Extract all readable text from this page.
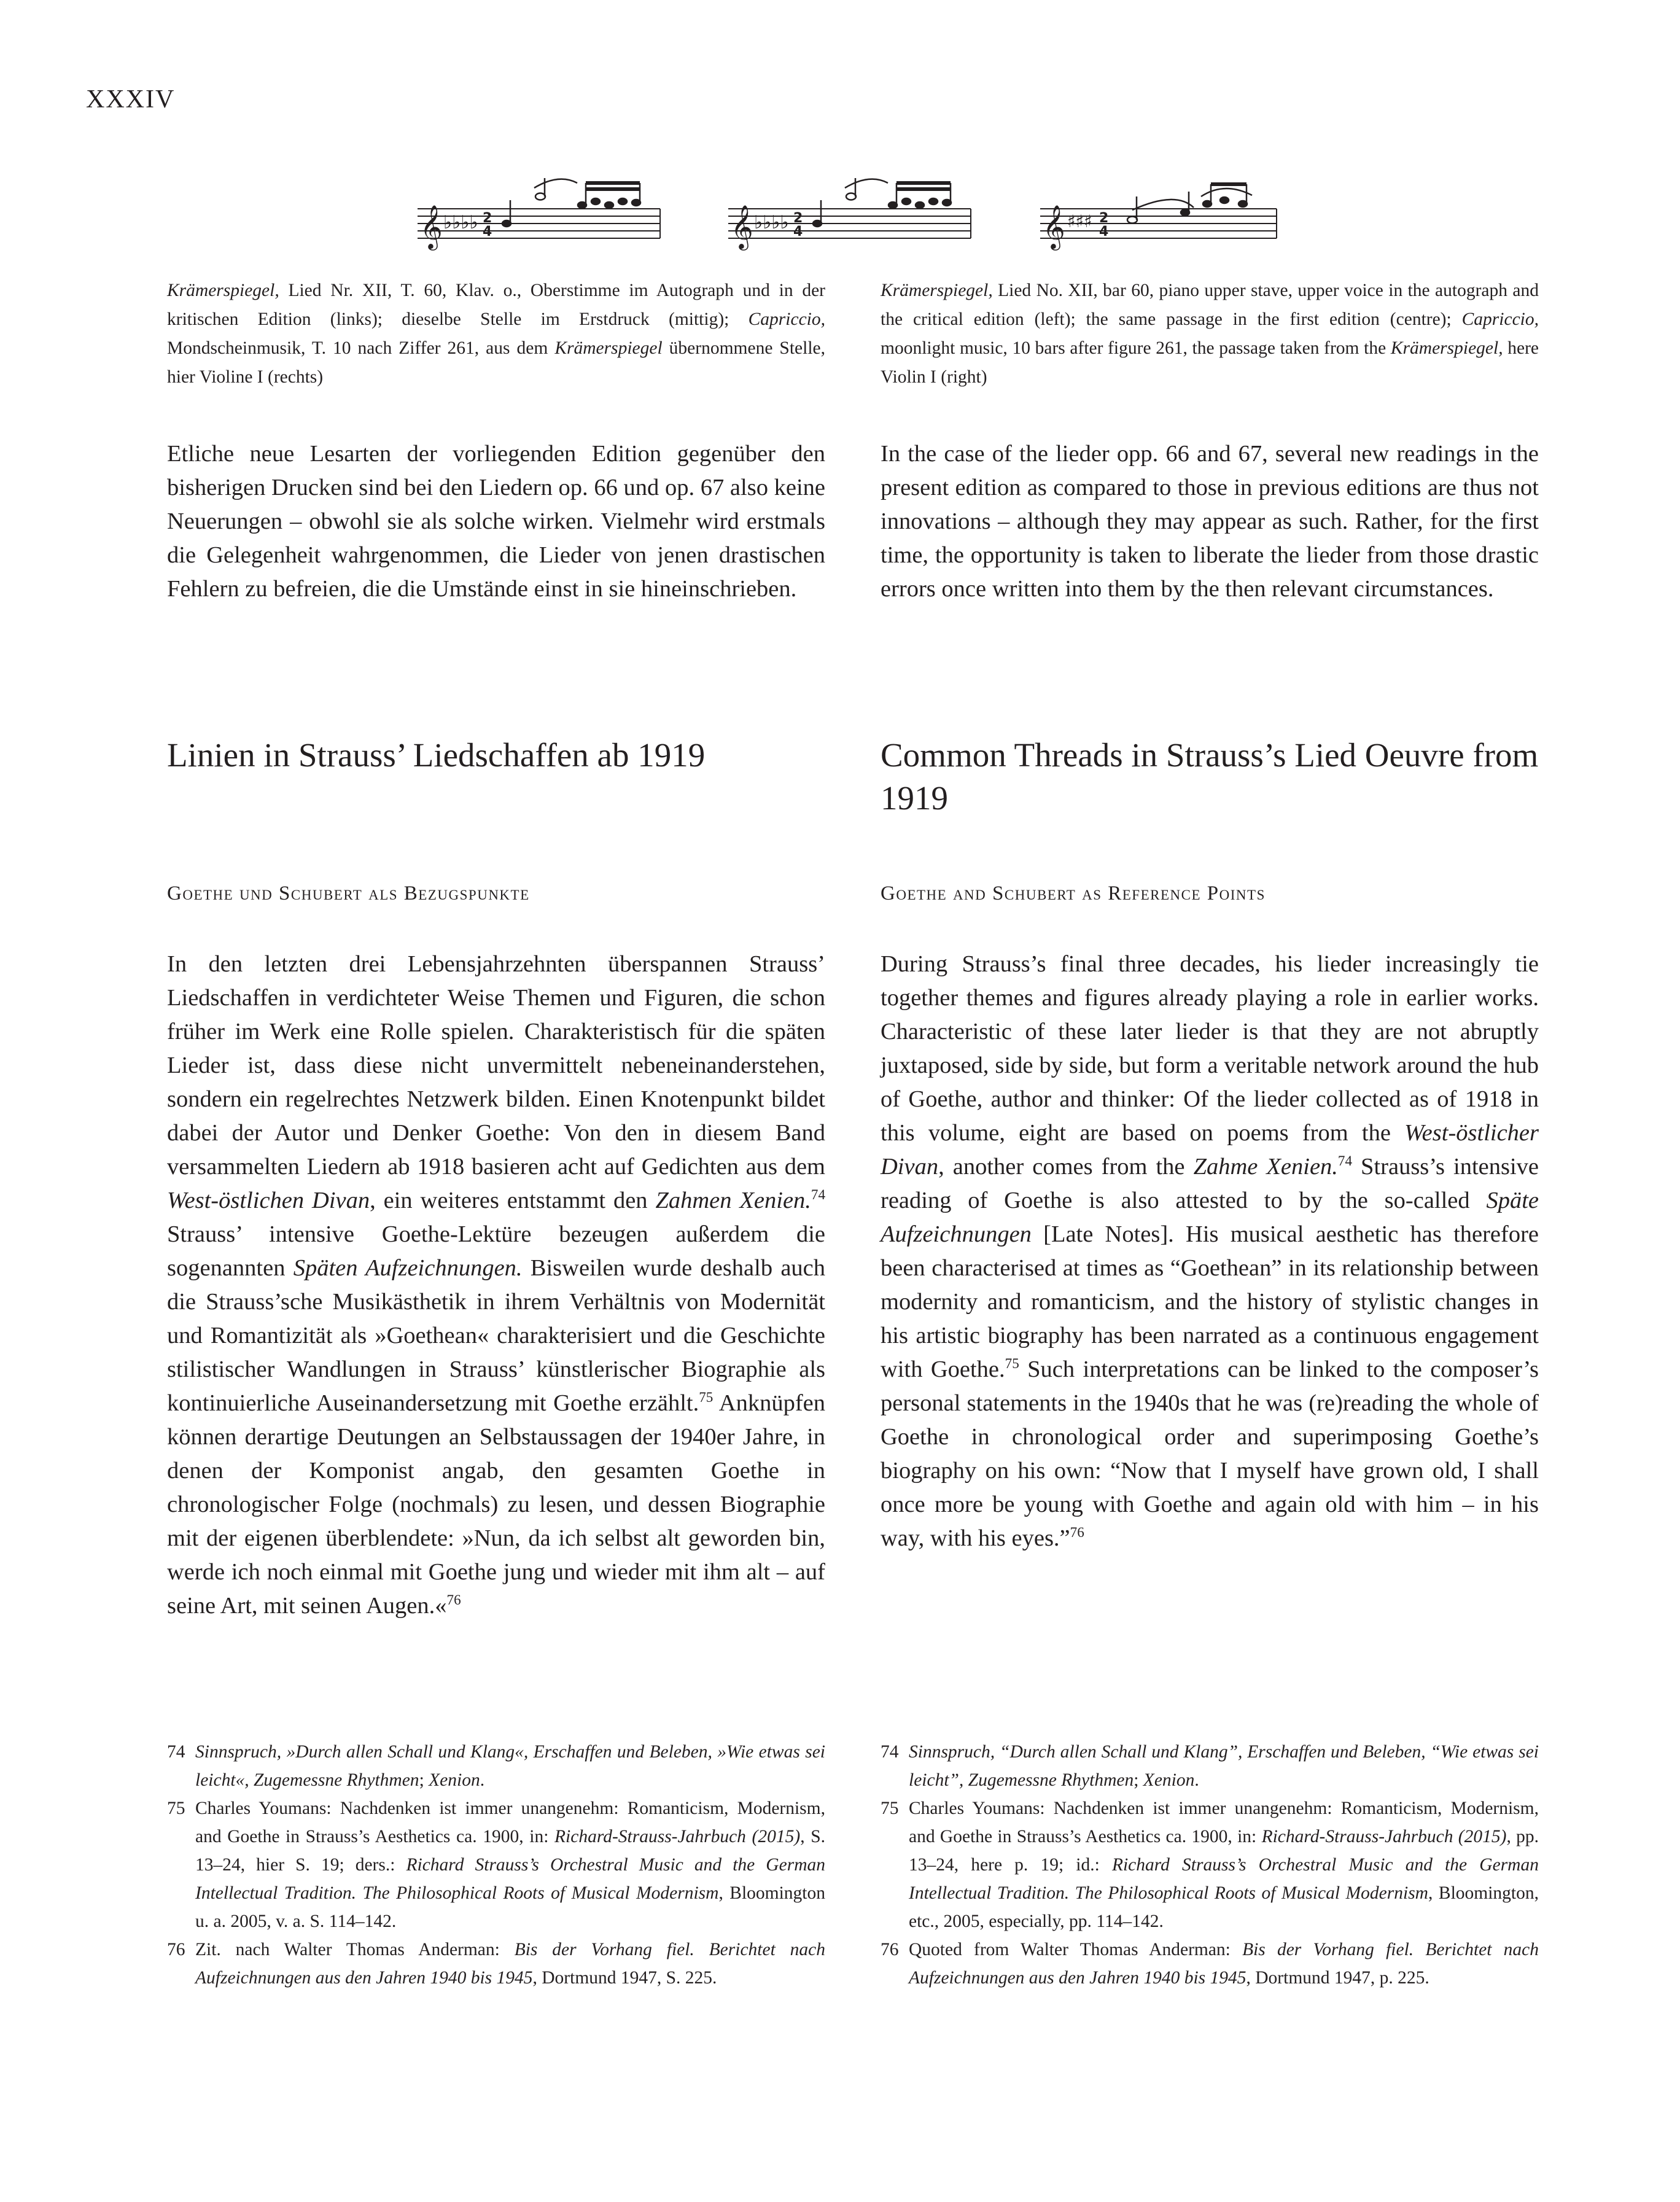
XXXIV
𝄞 ♭♭♭♭ 2
4	𝄞 ♭♭♭♭ 2
4	𝄞 ♯♯♯ 2
4
Krämerspiegel, Lied Nr. XII, T. 60, Klav. o., Oberstimme im Autograph und in der kritischen Edition (links); dieselbe Stelle im Erstdruck (mittig); Capriccio, Mondscheinmusik, T. 10 nach Ziffer 261, aus dem Krämerspiegel übernommene Stelle, hier Violine I (rechts)
Krämerspiegel, Lied No. XII, bar 60, piano upper stave, upper voice in the autograph and the critical edition (left); the same passage in the first edition (centre); Capriccio, moonlight music, 10 bars after figure 261, the passage taken from the Krämerspiegel, here Violin I (right)
Etliche neue Lesarten der vorliegenden Edition gegenüber den bisherigen Drucken sind bei den Liedern op. 66 und op. 67 also keine Neuerungen – obwohl sie als solche wirken. Vielmehr wird erstmals die Gelegenheit wahrgenommen, die Lieder von jenen drastischen Fehlern zu befreien, die die Umstände einst in sie hineinschrieben.
In the case of the lieder opp. 66 and 67, several new readings in the present edition as compared to those in previous editions are thus not innovations – although they may appear as such. Rather, for the first time, the opportunity is taken to liberate the lieder from those drastic errors once written into them by the then relevant circumstances.
Linien in Strauss’ Liedschaffen ab 1919	Common Threads in Strauss’s Lied Oeuvre from 1919
Goethe und Schubert als Bezugspunkte	Goethe and Schubert as Reference Points
In den letzten drei Lebensjahrzehnten überspannen Strauss’ Liedschaffen in verdichteter Weise Themen und Figuren, die schon früher im Werk eine Rolle spielen. Charakteristisch für die späten Lieder ist, dass diese nicht unvermittelt nebeneinanderstehen, sondern ein regelrechtes Netzwerk bilden. Einen Knotenpunkt bildet dabei der Autor und Denker Goethe: Von den in diesem Band versammelten Liedern ab 1918 basieren acht auf Gedichten aus dem West-östlichen Divan, ein weiteres entstammt den Zahmen Xenien.$^{74}$ Strauss’ intensive Goethe-Lektüre bezeugen außerdem die sogenannten Späten Aufzeichnungen. Bisweilen wurde deshalb auch die Strauss’sche Musikästhetik in ihrem Verhältnis von Modernität und Romantizität als »Goethean« charakterisiert und die Geschichte stilistischer Wandlungen in Strauss’ künstlerischer Biographie als kontinuierliche Auseinandersetzung mit Goethe erzählt.$^{75}$ Anknüpfen können derartige Deutungen an Selbstaussagen der 1940er Jahre, in denen der Komponist angab, den gesamten Goethe in chronologischer Folge (nochmals) zu lesen, und dessen Biographie mit der eigenen überblendete: »Nun, da ich selbst alt geworden bin, werde ich noch einmal mit Goethe jung und wieder mit ihm alt – auf seine Art, mit seinen Augen.«$^{76}$
During Strauss’s final three decades, his lieder increasingly tie together themes and figures already playing a role in earlier works. Characteristic of these later lieder is that they are not abruptly juxtaposed, side by side, but form a veritable network around the hub of Goethe, author and thinker: Of the lieder collected as of 1918 in this volume, eight are based on poems from the West-östlicher Divan, another comes from the Zahme Xenien.$^{74}$ Strauss’s intensive reading of Goethe is also attested to by the so-called Späte Aufzeichnungen [Late Notes]. His musical aesthetic has therefore been characterised at times as “Goethean” in its relationship between modernity and romanticism, and the history of stylistic changes in his artistic biography has been narrated as a continuous engagement with Goethe.$^{75}$ Such interpretations can be linked to the composer’s personal statements in the 1940s that he was (re)reading the whole of Goethe in chronological order and superimposing Goethe’s biography on his own: “Now that I myself have grown old, I shall once more be young with Goethe and again old with him – in his way, with his eyes.”$^{76}$
74 Sinnspruch, »Durch allen Schall und Klang«, Erschaffen und Beleben, »Wie etwas sei leicht«, Zugemessne Rhythmen; Xenion.
75 Charles Youmans: Nachdenken ist immer unangenehm: Romanticism, Modernism, and Goethe in Strauss’s Aesthetics ca. 1900, in: Richard-Strauss-Jahrbuch (2015), S. 13–24, hier S. 19; ders.: Richard Strauss’s Orchestral Music and the German Intellectual Tradition. The Philosophical Roots of Musical Modernism, Bloomington u. a. 2005, v. a. S. 114–142.
76 Zit. nach Walter Thomas Anderman: Bis der Vorhang fiel. Berichtet nach Aufzeichnungen aus den Jahren 1940 bis 1945, Dortmund 1947, S. 225.
74 Sinnspruch, “Durch allen Schall und Klang”, Erschaffen und Beleben, “Wie etwas sei leicht”, Zugemessne Rhythmen; Xenion.
75 Charles Youmans: Nachdenken ist immer unangenehm: Romanticism, Modernism, and Goethe in Strauss’s Aesthetics ca. 1900, in: Richard-Strauss-Jahrbuch (2015), pp. 13–24, here p. 19; id.: Richard Strauss’s Orchestral Music and the German Intellectual Tradition. The Philosophical Roots of Musical Modernism, Bloomington, etc., 2005, especially, pp. 114–142.
76 Quoted from Walter Thomas Anderman: Bis der Vorhang fiel. Berichtet nach Aufzeichnungen aus den Jahren 1940 bis 1945, Dortmund 1947, p. 225.
